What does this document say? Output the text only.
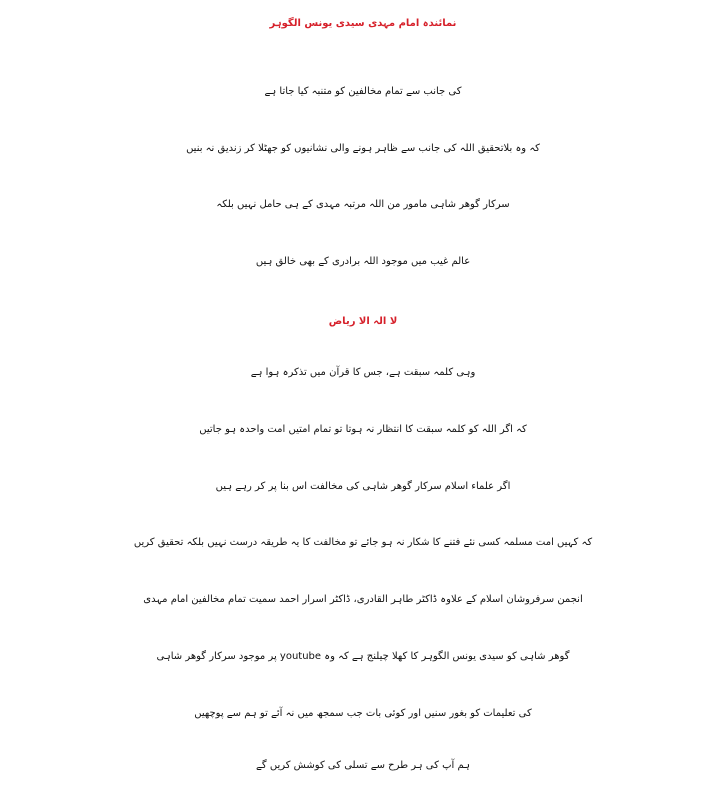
نمائندہ امام مہدی سیدی یونس الگوہر
کی جانب سے تمام مخالفین کو متنبہ کیا جاتا ہے
کہ وہ بلاتحقیق اللہ کی جانب سے ظاہر ہونے والی نشانیوں کو جھٹلا کر زندیق نہ بنیں
سرکار گوھر شاہی مامور من اللہ مرتبہ مہدی کے ہی حامل نہیں بلکہ
عالم غیب میں موجود اللہ برادری کے بھی خالق ہیں
لا الہ الا ریاض
وہی کلمہ سبقت ہے، جس کا قرآن میں تذکرہ ہوا ہے
کہ اگر اللہ کو کلمہ سبقت کا انتظار نہ ہوتا تو تمام امتیں امت واحدہ ہو جاتیں
اگر علماء اسلام سرکار گوھر شاہی کی مخالفت اس بنا پر کر رہے ہیں
کہ کہیں امت مسلمہ کسی نئے فتنے کا شکار نہ ہو جائے تو مخالفت کا یہ طریقہ درست نہیں بلکہ تحقیق کریں
انجمن سرفروشان اسلام کے علاوہ ڈاکٹر طاہر القادری، ڈاکٹر اسرار احمد سمیت تمام مخالفین امام مہدی
گوھر شاہی کو سیدی یونس الگوہر کا کھلا چیلنج ہے کہ وہ youtube پر موجود سرکار گوھر شاہی
کی تعلیمات کو بغور سنیں اور کوئی بات جب سمجھ میں نہ آئے تو ہم سے پوچھیں
ہم آپ کی ہر طرح سے تسلی کی کوشش کریں گے
